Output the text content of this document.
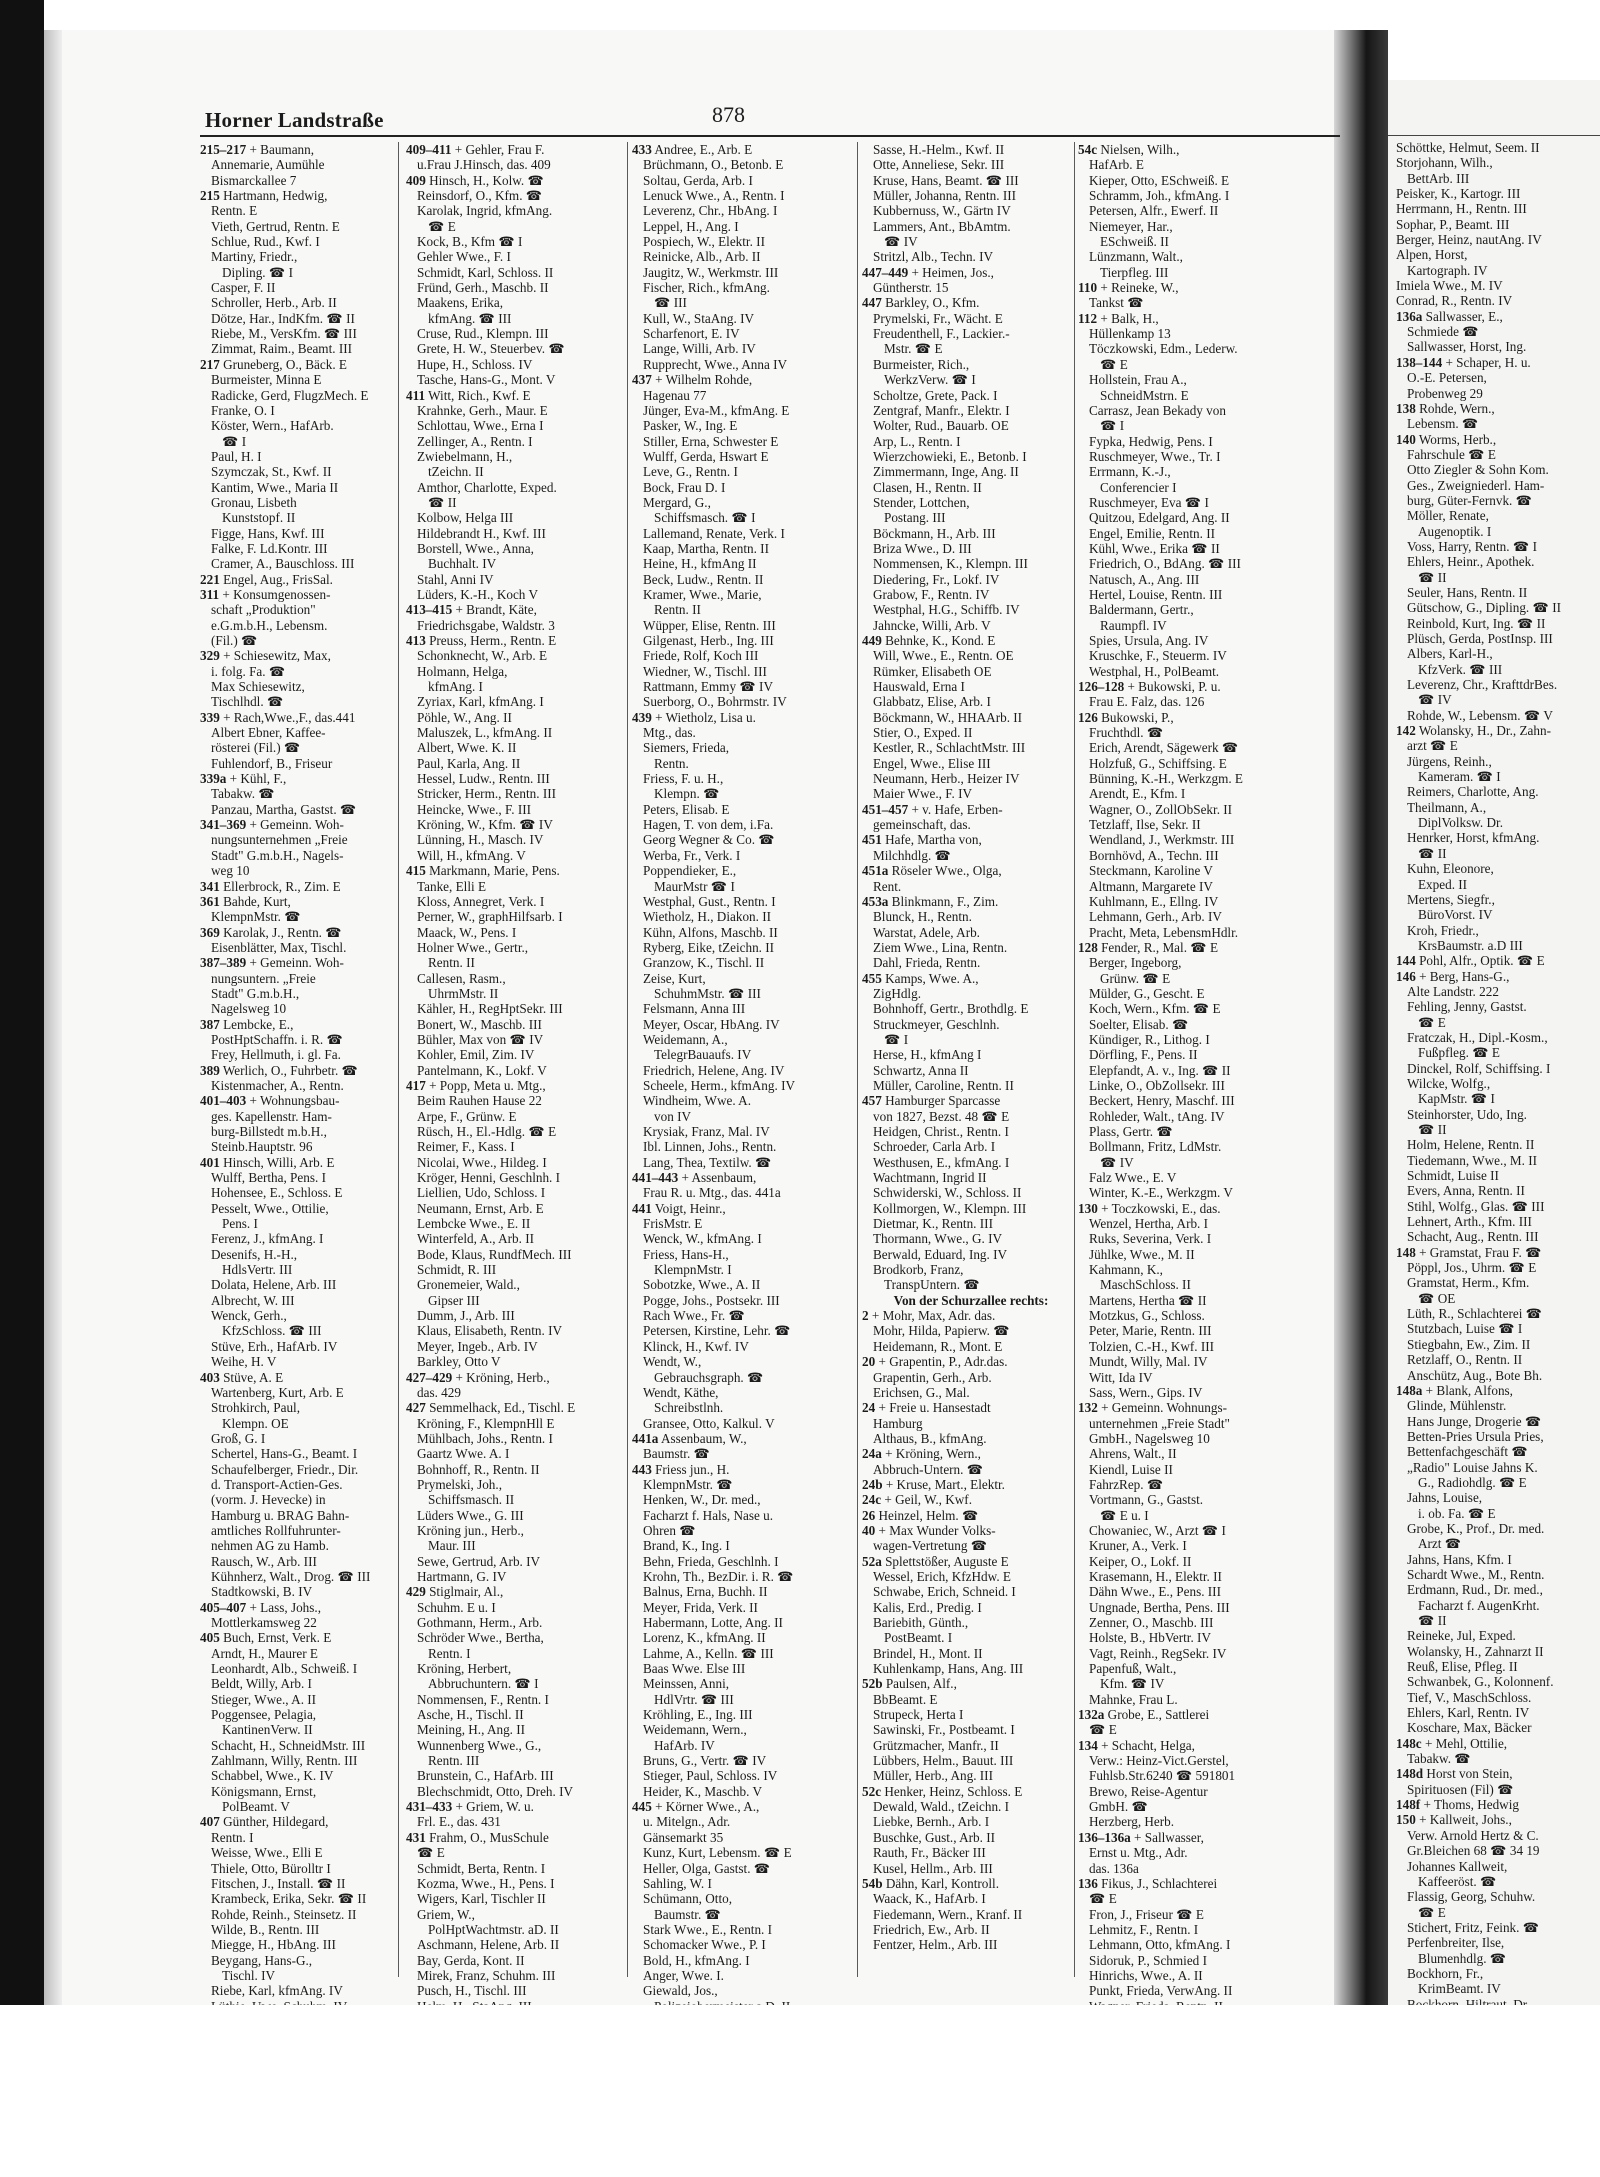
Horner Landstraße	878
215–217 + Baumann,
Annemarie, Aumühle
Bismarckallee 7
215 Hartmann, Hedwig,
Rentn. E
Vieth, Gertrud, Rentn. E
Schlue, Rud., Kwf. I
Martiny, Friedr.,
Dipling. ☎ I
Casper, F. II
Schroller, Herb., Arb. II
Dötze, Har., IndKfm. ☎ II
Riebe, M., VersKfm. ☎ III
Zimmat, Raim., Beamt. III
217 Gruneberg, O., Bäck. E
Burmeister, Minna E
Radicke, Gerd, FlugzMech. E
Franke, O. I
Köster, Wern., HafArb.
☎ I
Paul, H. I
Szymczak, St., Kwf. II
Kantim, Wwe., Maria II
Gronau, Lisbeth
Kunststopf. II
Figge, Hans, Kwf. III
Falke, F. Ld.Kontr. III
Cramer, A., Bauschloss. III
221 Engel, Aug., FrisSal.
311 + Konsumgenossen-
schaft „Produktion"
e.G.m.b.H., Lebensm.
(Fil.) ☎
329 + Schiesewitz, Max,
i. folg. Fa. ☎
Max Schiesewitz,
Tischlhdl. ☎
339 + Rach,Wwe.,F., das.441
Albert Ebner, Kaffee-
rösterei (Fil.) ☎
Fuhlendorf, B., Friseur
339a + Kühl, F.,
Tabakw. ☎
Panzau, Martha, Gastst. ☎
341–369 + Gemeinn. Woh-
nungsunternehmen „Freie
Stadt" G.m.b.H., Nagels-
weg 10
341 Ellerbrock, R., Zim. E
361 Bahde, Kurt,
KlempnMstr. ☎
369 Karolak, J., Rentn. ☎
Eisenblätter, Max, Tischl.
387–389 + Gemeinn. Woh-
nungsuntern. „Freie
Stadt" G.m.b.H.,
Nagelsweg 10
387 Lembcke, E.,
PostHptSchaffn. i. R. ☎
Frey, Hellmuth, i. gl. Fa.
389 Werlich, O., Fuhrbetr. ☎
Kistenmacher, A., Rentn.
401–403 + Wohnungsbau-
ges. Kapellenstr. Ham-
burg-Billstedt m.b.H.,
Steinb.Hauptstr. 96
401 Hinsch, Willi, Arb. E
Wulff, Bertha, Pens. I
Hohensee, E., Schloss. E
Pesselt, Wwe., Ottilie,
Pens. I
Ferenz, J., kfmAng. I
Desenifs, H.-H.,
HdlsVertr. III
Dolata, Helene, Arb. III
Albrecht, W. III
Wenck, Gerh.,
KfzSchloss. ☎ III
Stüve, Erh., HafArb. IV
Weihe, H. V
403 Stüve, A. E
Wartenberg, Kurt, Arb. E
Strohkirch, Paul,
Klempn. OE
Groß, G. I
Schertel, Hans-G., Beamt. I
Schaufelberger, Friedr., Dir.
d. Transport-Actien-Ges.
(vorm. J. Hevecke) in
Hamburg u. BRAG Bahn-
amtliches Rollfuhrunter-
nehmen AG zu Hamb.
Rausch, W., Arb. III
Kühnherz, Walt., Drog. ☎ III
Stadtkowski, B. IV
405–407 + Lass, Johs.,
Mottlerkamsweg 22
405 Buch, Ernst, Verk. E
Arndt, H., Maurer E
Leonhardt, Alb., Schweiß. I
Beldt, Willy, Arb. I
Stieger, Wwe., A. II
Poggensee, Pelagia,
KantinenVerw. II
Schacht, H., SchneidMstr. III
Zahlmann, Willy, Rentn. III
Schabbel, Wwe., K. IV
Königsmann, Ernst,
PolBeamt. V
407 Günther, Hildegard,
Rentn. I
Weisse, Wwe., Elli E
Thiele, Otto, Bürolltr I
Fitschen, J., Install. ☎ II
Krambeck, Erika, Sekr. ☎ II
Rohde, Reinh., Steinsetz. II
Wilde, B., Rentn. III
Miegge, H., HbAng. III
Beygang, Hans-G.,
Tischl. IV
Riebe, Karl, kfmAng. IV
409–411 + Gehler, Frau F.
u.Frau J.Hinsch, das. 409
409 Hinsch, H., Kolw. ☎
Reinsdorf, O., Kfm. ☎
Karolak, Ingrid, kfmAng.
☎ E
Kock, B., Kfm ☎ I
Gehler Wwe., F. I
Schmidt, Karl, Schloss. II
Fründ, Gerh., Maschb. II
Maakens, Erika,
kfmAng. ☎ III
Cruse, Rud., Klempn. III
Grete, H. W., Steuerbev. ☎
Hupe, H., Schloss. IV
Tasche, Hans-G., Mont. V
411 Witt, Rich., Kwf. E
Krahnke, Gerh., Maur. E
Schlottau, Wwe., Erna I
Zellinger, A., Rentn. I
Zwiebelmann, H.,
tZeichn. II
Amthor, Charlotte, Exped.
☎ II
Kolbow, Helga III
Hildebrandt H., Kwf. III
Borstell, Wwe., Anna,
Buchhalt. IV
Stahl, Anni IV
Lüders, K.-H., Koch V
413–415 + Brandt, Käte,
Friedrichsgabe, Waldstr. 3
413 Preuss, Herm., Rentn. E
Schonknecht, W., Arb. E
Holmann, Helga,
kfmAng. I
Zyriax, Karl, kfmAng. I
Pöhle, W., Ang. II
Maluszek, L., kfmAng. II
Albert, Wwe. K. II
Paul, Karla, Ang. II
Hessel, Ludw., Rentn. III
Stricker, Herm., Rentn. III
Heincke, Wwe., F. III
Kröning, W., Kfm. ☎ IV
Lünning, H., Masch. IV
Will, H., kfmAng. V
415 Markmann, Marie, Pens.
Tanke, Elli E
Kloss, Annegret, Verk. I
Perner, W., graphHilfsarb. I
Maack, W., Pens. I
Holner Wwe., Gertr.,
Rentn. II
Callesen, Rasm.,
UhrmMstr. II
Kähler, H., RegHptSekr. III
Bonert, W., Maschb. III
Bühler, Max von ☎ IV
Kohler, Emil, Zim. IV
Pantelmann, K., Lokf. V
417 + Popp, Meta u. Mtg.,
Beim Rauhen Hause 22
Arpe, F., Grünw. E
Rüsch, H., El.-Hdlg. ☎ E
Reimer, F., Kass. I
Nicolai, Wwe., Hildeg. I
Kröger, Henni, Geschlnh. I
Liellien, Udo, Schloss. I
Neumann, Ernst, Arb. E
Lembcke Wwe., E. II
Winterfeld, A., Arb. II
Bode, Klaus, RundfMech. III
Schmidt, R. III
Gronemeier, Wald.,
Gipser III
Dumm, J., Arb. III
Klaus, Elisabeth, Rentn. IV
Meyer, Ingeb., Arb. IV
Barkley, Otto V
427–429 + Kröning, Herb.,
das. 429
427 Semmelhack, Ed., Tischl. E
Kröning, F., KlempnHll E
Mühlbach, Johs., Rentn. I
Gaartz Wwe. A. I
Bohnhoff, R., Rentn. II
Prymelski, Joh.,
Schiffsmasch. II
Lüders Wwe., G. III
Kröning jun., Herb.,
Maur. III
Sewe, Gertrud, Arb. IV
Hartmann, G. IV
429 Stiglmair, Al.,
Schuhm. E u. I
Gothmann, Herm., Arb.
Schröder Wwe., Bertha,
Rentn. I
Kröning, Herbert,
Abbruchuntern. ☎ I
Nommensen, F., Rentn. I
Asche, H., Tischl. II
Meining, H., Ang. II
Wunnenberg Wwe., G.,
Rentn. III
Brunstein, C., HafArb. III
Blechschmidt, Otto, Dreh. IV
431–433 + Griem, W. u.
Frl. E., das. 431
431 Frahm, O., MusSchule
☎ E
Schmidt, Berta, Rentn. I
Kozma, Wwe., H., Pens. I
Wigers, Karl, Tischler II
Griem, W.,
PolHptWachtmstr. aD. II
Aschmann, Helene, Arb. II
Bay, Gerda, Kont. II
Mirek, Franz, Schuhm. III
Pusch, H., Tischl. III
433 Andree, E., Arb. E
Brüchmann, O., Betonb. E
Soltau, Gerda, Arb. I
Lenuck Wwe., A., Rentn. I
Leverenz, Chr., HbAng. I
Leppel, H., Ang. I
Pospiech, W., Elektr. II
Reinicke, Alb., Arb. II
Jaugitz, W., Werkmstr. III
Fischer, Rich., kfmAng.
☎ III
Kull, W., StaAng. IV
Scharfenort, E. IV
Lange, Willi, Arb. IV
Rupprecht, Wwe., Anna IV
437 + Wilhelm Rohde,
Hagenau 77
Jünger, Eva-M., kfmAng. E
Pasker, W., Ing. E
Stiller, Erna, Schwester E
Wulff, Gerda, Hswart E
Leve, G., Rentn. I
Bock, Frau D. I
Mergard, G.,
Schiffsmasch. ☎ I
Lallemand, Renate, Verk. I
Kaap, Martha, Rentn. II
Heine, H., kfmAng II
Beck, Ludw., Rentn. II
Kramer, Wwe., Marie,
Rentn. II
Wüpper, Elise, Rentn. III
Gilgenast, Herb., Ing. III
Friede, Rolf, Koch III
Wiedner, W., Tischl. III
Rattmann, Emmy ☎ IV
Suerborg, O., Bohrmstr. IV
439 + Wietholz, Lisa u.
Mtg., das.
Siemers, Frieda,
Rentn.
Friess, F. u. H.,
Klempn. ☎
Peters, Elisab. E
Hagen, T. von dem, i.Fa.
Georg Wegner & Co. ☎
Werba, Fr., Verk. I
Poppendieker, E.,
MaurMstr ☎ I
Westphal, Gust., Rentn. I
Wietholz, H., Diakon. II
Kühn, Alfons, Maschb. II
Ryberg, Eike, tZeichn. II
Granzow, K., Tischl. II
Zeise, Kurt,
SchuhmMstr. ☎ III
Felsmann, Anna III
Meyer, Oscar, HbAng. IV
Weidemann, A.,
TelegrBauaufs. IV
Friedrich, Helene, Ang. IV
Scheele, Herm., kfmAng. IV
Windheim, Wwe. A.
von IV
Krysiak, Franz, Mal. IV
Ibl. Linnen, Johs., Rentn.
Lang, Thea, Textilw. ☎
441–443 + Assenbaum,
Frau R. u. Mtg., das. 441a
441 Voigt, Heinr.,
FrisMstr. E
Wenck, W., kfmAng. I
Friess, Hans-H.,
KlempnMstr. I
Sobotzke, Wwe., A. II
Pogge, Johs., Postsekr. III
Rach Wwe., Fr. ☎
Petersen, Kirstine, Lehr. ☎
Klinck, H., Kwf. IV
Wendt, W.,
Gebrauchsgraph. ☎
Wendt, Käthe,
Schreibstlnh.
Gransee, Otto, Kalkul. V
441a Assenbaum, W.,
Baumstr. ☎
443 Friess jun., H.
KlempnMstr. ☎
Henken, W., Dr. med.,
Facharzt f. Hals, Nase u.
Ohren ☎
Brand, K., Ing. I
Behn, Frieda, Geschlnh. I
Krohn, Th., BezDir. i. R. ☎
Balnus, Erna, Buchh. II
Meyer, Frida, Verk. II
Habermann, Lotte, Ang. II
Lorenz, K., kfmAng. II
Lahme, A., Kelln. ☎ III
Baas Wwe. Else III
Meinssen, Anni,
HdlVrtr. ☎ III
Kröhling, E., Ing. III
Weidemann, Wern.,
HafArb. IV
Bruns, G., Vertr. ☎ IV
Stieger, Paul, Schloss. IV
Heider, K., Maschb. V
445 + Körner Wwe., A.,
u. Mitelgn., Adr.
Gänsemarkt 35
Kunz, Kurt, Lebensm. ☎ E
Heller, Olga, Gastst. ☎
Sahling, W. I
Schümann, Otto,
Baumstr. ☎
Stark Wwe., E., Rentn. I
Schomacker Wwe., P. I
Bold, H., kfmAng. I
Anger, Wwe. I.
Giewald, Jos.,
Sasse, H.-Helm., Kwf. II
Otte, Anneliese, Sekr. III
Kruse, Hans, Beamt. ☎ III
Müller, Johanna, Rentn. III
Kubbernuss, W., Gärtn IV
Lammers, Ant., BbAmtm.
☎ IV
Stritzl, Alb., Techn. IV
447–449 + Heimen, Jos.,
Güntherstr. 15
447 Barkley, O., Kfm.
Prymelski, Fr., Wächt. E
Freudenthell, F., Lackier.-
Mstr. ☎ E
Burmeister, Rich.,
WerkzVerw. ☎ I
Scholtze, Grete, Pack. I
Zentgraf, Manfr., Elektr. I
Wolter, Rud., Bauarb. OE
Arp, L., Rentn. I
Wierzchowieki, E., Betonb. I
Zimmermann, Inge, Ang. II
Clasen, H., Rentn. II
Stender, Lottchen,
Postang. III
Böckmann, H., Arb. III
Briza Wwe., D. III
Nommensen, K., Klempn. III
Diedering, Fr., Lokf. IV
Grabow, F., Rentn. IV
Westphal, H.G., Schiffb. IV
Jahncke, Willi, Arb. V
449 Behnke, K., Kond. E
Will, Wwe., E., Rentn. OE
Rümker, Elisabeth OE
Hauswald, Erna I
Glabbatz, Elise, Arb. I
Böckmann, W., HHAArb. II
Stier, O., Exped. II
Kestler, R., SchlachtMstr. III
Engel, Wwe., Elise III
Neumann, Herb., Heizer IV
Maier Wwe., F. IV
451–457 + v. Hafe, Erben-
gemeinschaft, das.
451 Hafe, Martha von,
Milchhdlg. ☎
451a Röseler Wwe., Olga,
Rent.
453a Blinkmann, F., Zim.
Blunck, H., Rentn.
Warstat, Adele, Arb.
Ziem Wwe., Lina, Rentn.
Dahl, Frieda, Rentn.
455 Kamps, Wwe. A.,
ZigHdlg.
Bohnhoff, Gertr., Brothdlg. E
Struckmeyer, Geschlnh.
☎ I
Herse, H., kfmAng I
Schwartz, Anna II
Müller, Caroline, Rentn. II
457 Hamburger Sparcasse
von 1827, Bezst. 48 ☎ E
Heidgen, Christ., Rentn. I
Schroeder, Carla Arb. I
Westhusen, E., kfmAng. I
Wachtmann, Ingrid II
Schwiderski, W., Schloss. II
Kollmorgen, W., Klempn. III
Dietmar, K., Rentn. III
Thormann, Wwe., G. IV
Berwald, Eduard, Ing. IV
Brodkorb, Franz,
TranspUntern. ☎
Von der Schurzallee rechts:
2 + Mohr, Max, Adr. das.
Mohr, Hilda, Papierw. ☎
Heidemann, R., Mont. E
20 + Grapentin, P., Adr.das.
Grapentin, Gerh., Arb.
Erichsen, G., Mal.
24 + Freie u. Hansestadt
Hamburg
Althaus, B., kfmAng.
24a + Kröning, Wern.,
Abbruch-Untern. ☎
24b + Kruse, Mart., Elektr.
24c + Geil, W., Kwf.
26 Heinzel, Helm. ☎
40 + Max Wunder Volks-
wagen-Vertretung ☎
52a Splettstößer, Auguste E
Wessel, Erich, KfzHdw. E
Schwabe, Erich, Schneid. I
Kalis, Erd., Predig. I
Bariebith, Günth.,
PostBeamt. I
Brindel, H., Mont. II
Kuhlenkamp, Hans, Ang. III
52b Paulsen, Alf.,
BbBeamt. E
Strupeck, Herta I
Sawinski, Fr., Postbeamt. I
Grützmacher, Manfr., II
Lübbers, Helm., Bauut. III
Müller, Herb., Ang. III
52c Henker, Heinz, Schloss. E
Dewald, Wald., tZeichn. I
Liebke, Bernh., Arb. I
Buschke, Gust., Arb. II
Rauth, Fr., Bäcker III
Kusel, Hellm., Arb. III
54b Dähn, Karl, Kontroll.
Waack, K., HafArb. I
Fiedemann, Wern., Kranf. II
Friedrich, Ew., Arb. II
Fentzer, Helm., Arb. III
54c Nielsen, Wilh.,
HafArb. E
Kieper, Otto, ESchweiß. E
Schramm, Joh., kfmAng. I
Petersen, Alfr., Ewerf. II
Niemeyer, Har.,
ESchweiß. II
Lünzmann, Walt.,
Tierpfleg. III
110 + Reineke, W.,
Tankst ☎
112 + Balk, H.,
Hüllenkamp 13
Töczkowski, Edm., Lederw.
☎ E
Hollstein, Frau A.,
SchneidMstrn. E
Carrasz, Jean Bekady von
☎ I
Fypka, Hedwig, Pens. I
Ruschmeyer, Wwe., Tr. I
Errmann, K.-J.,
Conferencier I
Ruschmeyer, Eva ☎ I
Quitzou, Edelgard, Ang. II
Engel, Emilie, Rentn. II
Kühl, Wwe., Erika ☎ II
Friedrich, O., BdAng. ☎ III
Natusch, A., Ang. III
Hertel, Louise, Rentn. III
Baldermann, Gertr.,
Raumpfl. IV
Spies, Ursula, Ang. IV
Kruschke, F., Steuerm. IV
Westphal, H., PolBeamt.
126–128 + Bukowski, P. u.
Frau E. Falz, das. 126
126 Bukowski, P.,
Fruchthdl. ☎
Erich, Arendt, Sägewerk ☎
Holzfuß, G., Schiffsing. E
Bünning, K.-H., Werkzgm. E
Arendt, E., Kfm. I
Wagner, O., ZollObSekr. II
Tetzlaff, Ilse, Sekr. II
Wendland, J., Werkmstr. III
Bornhövd, A., Techn. III
Steckmann, Karoline V
Altmann, Margarete IV
Kuhlmann, E., Ellng. IV
Lehmann, Gerh., Arb. IV
Pracht, Meta, LebensmHdlr.
128 Fender, R., Mal. ☎ E
Berger, Ingeborg,
Grünw. ☎ E
Mülder, G., Gescht. E
Koch, Wern., Kfm. ☎ E
Soelter, Elisab. ☎
Kündiger, R., Lithog. I
Dörfling, F., Pens. II
Elepfandt, A. v., Ing. ☎ II
Linke, O., ObZollsekr. III
Beckert, Henry, Maschf. III
Rohleder, Walt., tAng. IV
Plass, Gertr. ☎
Bollmann, Fritz, LdMstr.
☎ IV
Falz Wwe., E. V
Winter, K.-E., Werkzgm. V
130 + Toczkowski, E., das.
Wenzel, Hertha, Arb. I
Ruks, Severina, Verk. I
Jühlke, Wwe., M. II
Kahmann, K.,
MaschSchloss. II
Martens, Hertha ☎ II
Motzkus, G., Schloss.
Peter, Marie, Rentn. III
Tolzien, C.-H., Kwf. III
Mundt, Willy, Mal. IV
Witt, Ida IV
Sass, Wern., Gips. IV
132 + Gemeinn. Wohnungs-
unternehmen „Freie Stadt"
GmbH., Nagelsweg 10
Ahrens, Walt., II
Kiendl, Luise II
FahrzRep. ☎
Vortmann, G., Gastst.
☎ E u. I
Chowaniec, W., Arzt ☎ I
Kruner, A., Verk. I
Keiper, O., Lokf. II
Krasemann, H., Elektr. II
Dähn Wwe., E., Pens. III
Ungnade, Bertha, Pens. III
Zenner, O., Maschb. III
Holste, B., HbVertr. IV
Vagt, Reinh., RegSekr. IV
Papenfuß, Walt.,
Kfm. ☎ IV
Mahnke, Frau L.
132a Grobe, E., Sattlerei
☎ E
134 + Schacht, Helga,
Verw.: Heinz-Vict.Gerstel,
Fuhlsb.Str.6240 ☎ 591801
Brewo, Reise-Agentur
GmbH. ☎
Herzberg, Herb.
136–136a + Sallwasser,
Ernst u. Mtg., Adr.
das. 136a
136 Fikus, J., Schlachterei
☎ E
Fron, J., Friseur ☎ E
Lehmitz, F., Rentn. I
Lehmann, Otto, kfmAng. I
Sidoruk, P., Schmied I
Hinrichs, Wwe., A. II
Punkt, Frieda, VerwAng. II
Schöttke, Helmut, Seem. II
Storjohann, Wilh.,
BettArb. III
Peisker, K., Kartogr. III
Herrmann, H., Rentn. III
Sophar, P., Beamt. III
Berger, Heinz, nautAng. IV
Alpen, Horst,
Kartograph. IV
Imiela Wwe., M. IV
Conrad, R., Rentn. IV
136a Sallwasser, E.,
Schmiede ☎
Sallwasser, Horst, Ing.
138–144 + Schaper, H. u.
O.-E. Petersen,
Probenweg 29
138 Rohde, Wern.,
Lebensm. ☎
140 Worms, Herb.,
Fahrschule ☎ E
Otto Ziegler & Sohn Kom.
Ges., Zweigniederl. Ham-
burg, Güter-Fernvk. ☎
Möller, Renate,
Augenoptik. I
Voss, Harry, Rentn. ☎ I
Ehlers, Heinr., Apothek.
☎ II
Seuler, Hans, Rentn. II
Gütschow, G., Dipling. ☎ II
Reinbold, Kurt, Ing. ☎ II
Plüsch, Gerda, PostInsp. III
Albers, Karl-H.,
KfzVerk. ☎ III
Leverenz, Chr., KrafttdrBes.
☎ IV
Rohde, W., Lebensm. ☎ V
142 Wolansky, H., Dr., Zahn-
arzt ☎ E
Jürgens, Reinh.,
Kameram. ☎ I
Reimers, Charlotte, Ang.
Theilmann, A.,
DiplVolksw. Dr.
Henrker, Horst, kfmAng.
☎ II
Kuhn, Eleonore,
Exped. II
Mertens, Siegfr.,
BüroVorst. IV
Kroh, Friedr.,
KrsBaumstr. a.D III
144 Pohl, Alfr., Optik. ☎ E
146 + Berg, Hans-G.,
Alte Landstr. 222
Fehling, Jenny, Gastst.
☎ E
Fratczak, H., Dipl.-Kosm.,
Fußpfleg. ☎ E
Dinckel, Rolf, Schiffsing. I
Wilcke, Wolfg.,
KapMstr. ☎ I
Steinhorster, Udo, Ing.
☎ II
Holm, Helene, Rentn. II
Tiedemann, Wwe., M. II
Schmidt, Luise II
Evers, Anna, Rentn. II
Stihl, Wolfg., Glas. ☎ III
Lehnert, Arth., Kfm. III
Schacht, Aug., Rentn. III
148 + Gramstat, Frau F. ☎
Pöppl, Jos., Uhrm. ☎ E
Gramstat, Herm., Kfm.
☎ OE
Lüth, R., Schlachterei ☎
Stutzbach, Luise ☎ I
Stiegbahn, Ew., Zim. II
Retzlaff, O., Rentn. II
Anschütz, Aug., Bote Bh.
148a + Blank, Alfons,
Glinde, Mühlenstr.
Hans Junge, Drogerie ☎
Betten-Pries Ursula Pries,
Bettenfachgeschäft ☎
„Radio" Louise Jahns K.
G., Radiohdlg. ☎ E
Jahns, Louise,
i. ob. Fa. ☎ E
Grobe, K., Prof., Dr. med.
Arzt ☎
Jahns, Hans, Kfm. I
Schardt Wwe., M., Rentn.
Erdmann, Rud., Dr. med.,
Facharzt f. AugenKrht.
☎ II
Reineke, Jul, Exped.
Wolansky, H., Zahnarzt II
Reuß, Elise, Pfleg. II
Schwanbek, G., Kolonnenf.
Tief, V., MaschSchloss.
Ehlers, Karl, Rentn. IV
Koschare, Max, Bäcker
148c + Mehl, Ottilie,
Tabakw. ☎
148d Horst von Stein,
Spirituosen (Fil) ☎
148f + Thoms, Hedwig
150 + Kallweit, Johs.,
Verw. Arnold Hertz & C.
Gr.Bleichen 68 ☎ 34 19
Johannes Kallweit,
Kaffeeröst. ☎
Flassig, Georg, Schuhw.
☎ E
Stichert, Fritz, Feink. ☎
Perfenbreiter, Ilse,
Blumenhdlg. ☎
Bockhorn, Fr.,
KrimBeamt. IV
